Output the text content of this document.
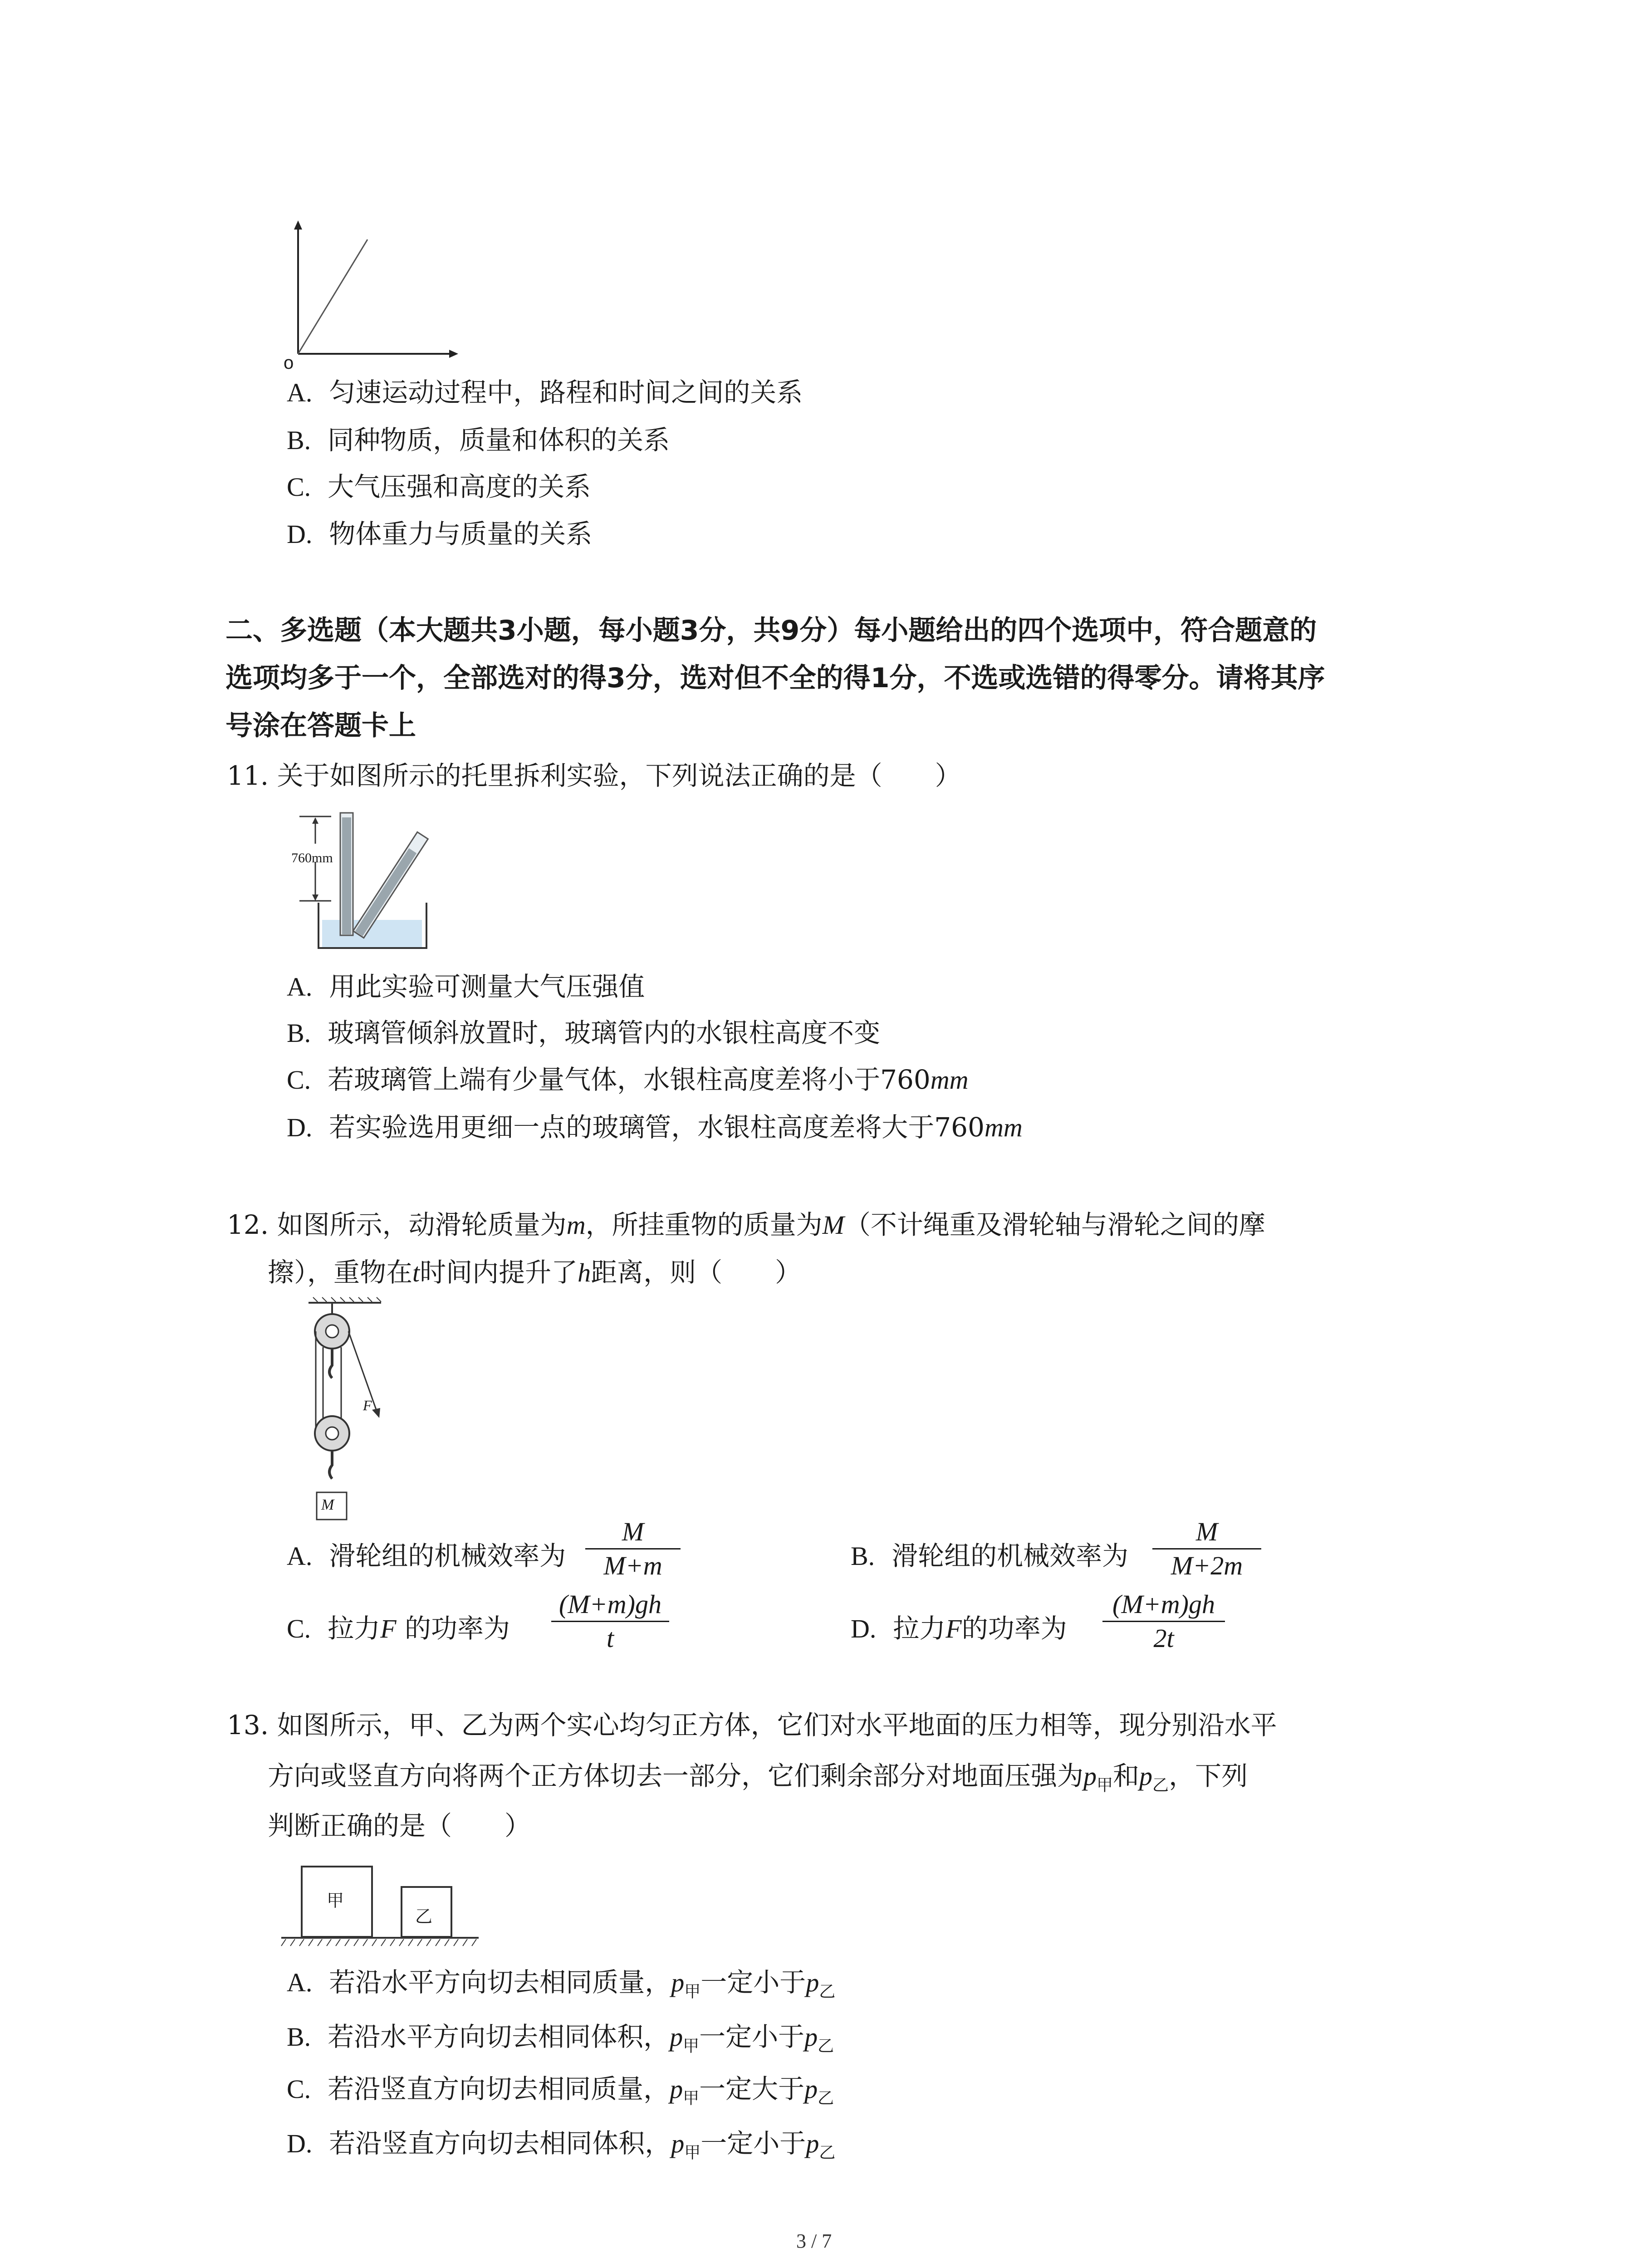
o
A. 匀速运动过程中，路程和时间之间的关系
B. 同种物质，质量和体积的关系
C. 大气压强和高度的关系
D. 物体重力与质量的关系
二、多选题（本大题共3小题，每小题3分，共9分）每小题给出的四个选项中，符合题意的
选项均多于一个，全部选对的得3分，选对但不全的得1分，不选或选错的得零分。请将其序
号涂在答题卡上
11. 关于如图所示的托里拆利实验，下列说法正确的是（　　）
760mm
A. 用此实验可测量大气压强值
B. 玻璃管倾斜放置时，玻璃管内的水银柱高度不变
C. 若玻璃管上端有少量气体，水银柱高度差将小于760mm
D. 若实验选用更细一点的玻璃管，水银柱高度差将大于760mm
12. 如图所示，动滑轮质量为m，所挂重物的质量为M（不计绳重及滑轮轴与滑轮之间的摩
擦），重物在t时间内提升了h距离，则（　　）
F
M
A. 滑轮组的机械效率为
M
M+m	B. 滑轮组的机械效率为
M
M+2m
C. 拉力F 的功率为
(M+m)gh
t	D. 拉力F的功率为
(M+m)gh
2t
13. 如图所示，甲、乙为两个实心均匀正方体，它们对水平地面的压力相等，现分别沿水平
方向或竖直方向将两个正方体切去一部分，它们剩余部分对地面压强为$p_甲$和$p_乙$，下列
判断正确的是（　　）
甲
乙
A. 若沿水平方向切去相同质量，$p_甲$一定小于$p_乙$
B. 若沿水平方向切去相同体积，$p_甲$一定小于$p_乙$
C. 若沿竖直方向切去相同质量，$p_甲$一定大于$p_乙$
D. 若沿竖直方向切去相同体积，$p_甲$一定小于$p_乙$
3 / 7
